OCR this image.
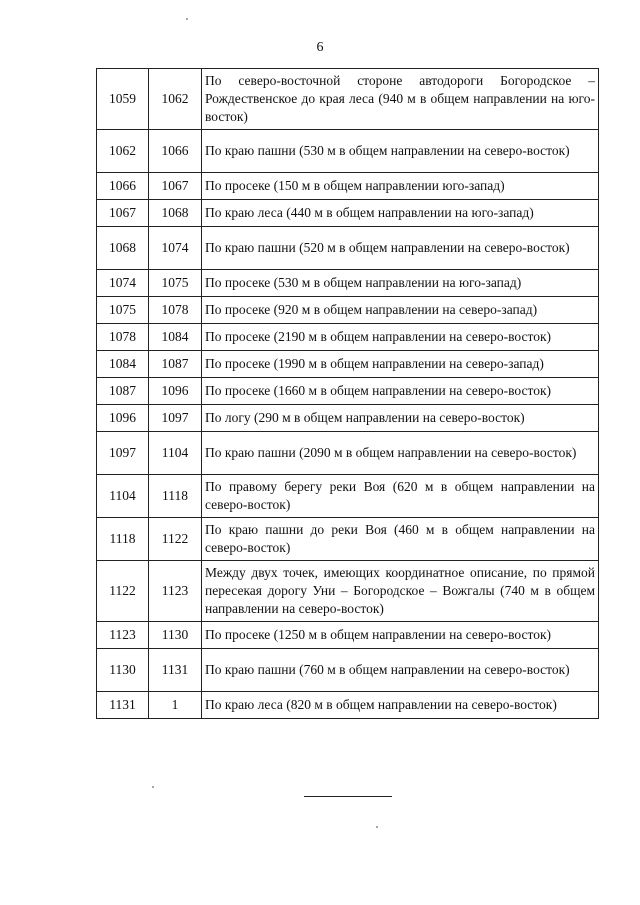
6
1059	1062	По северо-восточной стороне автодороги Богородское – Рождественское до края леса (940 м в общем направлении на юго-восток)
1062	1066	По краю пашни (530 м в общем направлении на северо-восток)
1066	1067	По просеке (150 м в общем направлении юго-запад)
1067	1068	По краю леса (440 м в общем направлении на юго-запад)
1068	1074	По краю пашни (520 м в общем направлении на северо-восток)
1074	1075	По просеке (530 м в общем направлении на юго-запад)
1075	1078	По просеке (920 м в общем направлении на северо-запад)
1078	1084	По просеке (2190 м в общем направлении на северо-восток)
1084	1087	По просеке (1990 м в общем направлении на северо-запад)
1087	1096	По просеке (1660 м в общем направлении на северо-восток)
1096	1097	По логу (290 м в общем направлении на северо-восток)
1097	1104	По краю пашни (2090 м в общем направлении на северо-восток)
1104	1118	По правому берегу реки Воя (620 м в общем направлении на северо-восток)
1118	1122	По краю пашни до реки Воя (460 м в общем направлении на северо-восток)
1122	1123	Между двух точек, имеющих координатное описание, по прямой пересекая дорогу Уни – Богородское – Вожгалы (740 м в общем направлении на северо-восток)
1123	1130	По просеке (1250 м в общем направлении на северо-восток)
1130	1131	По краю пашни (760 м в общем направлении на северо-восток)
1131	1	По краю леса (820 м в общем направлении на северо-восток)
